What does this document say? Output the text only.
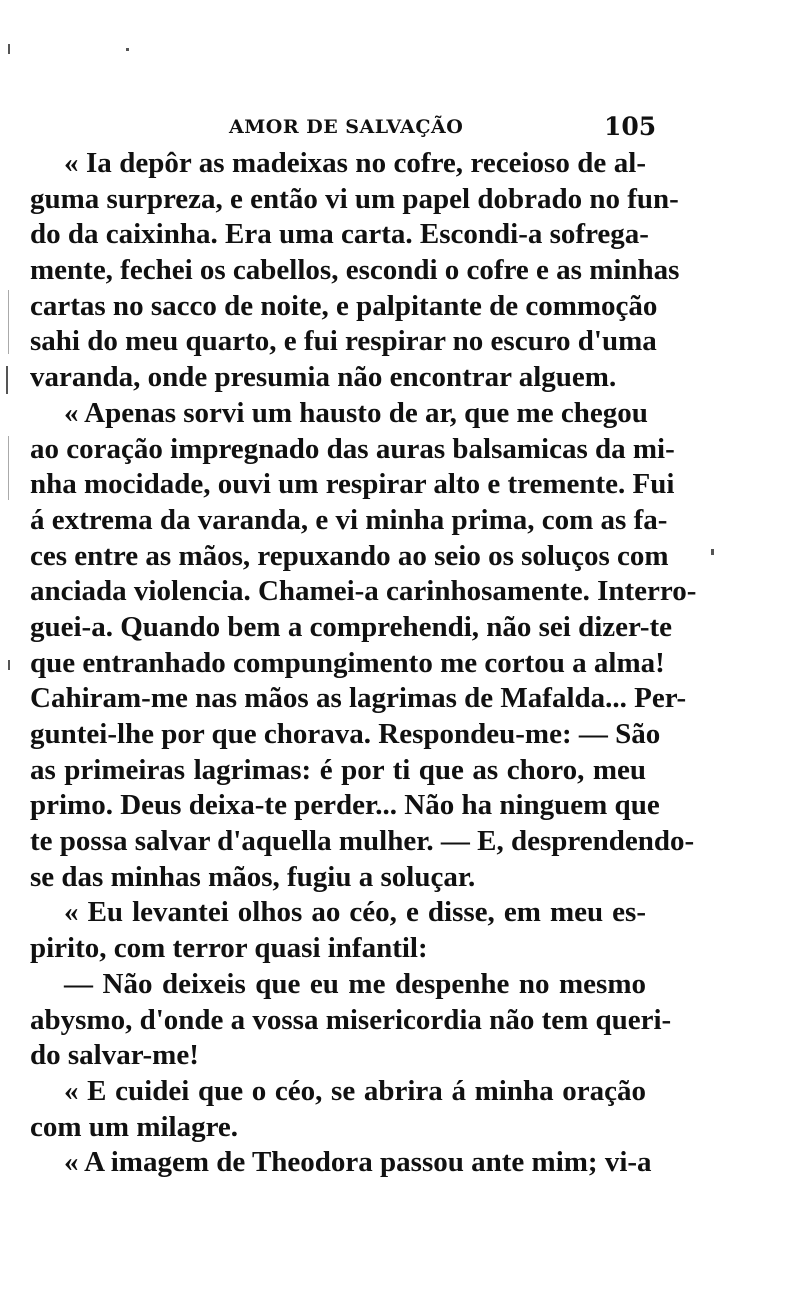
AMOR DE SALVAÇÃO	105
« Ia depôr as madeixas no cofre, receioso de al-
guma surpreza, e então vi um papel dobrado no fun-
do da caixinha. Era uma carta. Escondi-a sofrega-
mente, fechei os cabellos, escondi o cofre e as minhas
cartas no sacco de noite, e palpitante de commoção
sahi do meu quarto, e fui respirar no escuro d'uma
varanda, onde presumia não encontrar alguem.
« Apenas sorvi um hausto de ar, que me chegou
ao coração impregnado das auras balsamicas da mi-
nha mocidade, ouvi um respirar alto e tremente. Fui
á extrema da varanda, e vi minha prima, com as fa-
ces entre as mãos, repuxando ao seio os soluços com
anciada violencia. Chamei-a carinhosamente. Interro-
guei-a. Quando bem a comprehendi, não sei dizer-te
que entranhado compungimento me cortou a alma!
Cahiram-me nas mãos as lagrimas de Mafalda... Per-
guntei-lhe por que chorava. Respondeu-me: — São
as primeiras lagrimas: é por ti que as choro, meu
primo. Deus deixa-te perder... Não ha ninguem que
te possa salvar d'aquella mulher. — E, desprendendo-
se das minhas mãos, fugiu a soluçar.
« Eu levantei olhos ao céo, e disse, em meu es-
pirito, com terror quasi infantil:
— Não deixeis que eu me despenhe no mesmo
abysmo, d'onde a vossa misericordia não tem queri-
do salvar-me!
« E cuidei que o céo, se abrira á minha oração
com um milagre.
« A imagem de Theodora passou ante mim; vi-a
